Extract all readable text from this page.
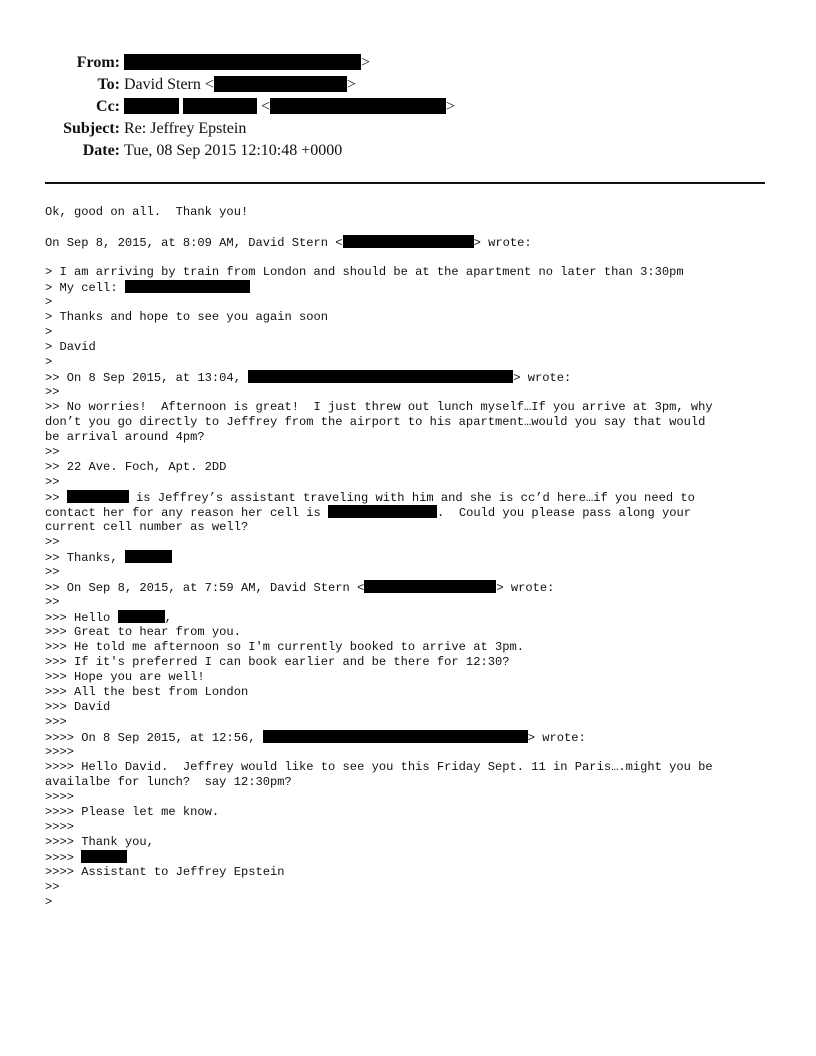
From:	>
To: David Stern <	>
Cc:	<	>
Subject: Re: Jeffrey Epstein
Date: Tue, 08 Sep 2015 12:10:48 +0000
Ok, good on all.  Thank you!
On Sep 8, 2015, at 8:09 AM, David Stern <	> wrote:
> I am arriving by train from London and should be at the apartment no later than 3:30pm
> My cell:
>
> Thanks and hope to see you again soon
>
> David
>
>> On 8 Sep 2015, at 13:04,	> wrote:
>>
>> No worries!  Afternoon is great!  I just threw out lunch myself…If you arrive at 3pm, why
don’t you go directly to Jeffrey from the airport to his apartment…would you say that would
be arrival around 4pm?
>>
>> 22 Ave. Foch, Apt. 2DD
>>
>>	is Jeffrey’s assistant traveling with him and she is cc’d here…if you need to
contact her for any reason her cell is	.  Could you please pass along your
current cell number as well?
>>
>> Thanks,
>>
>> On Sep 8, 2015, at 7:59 AM, David Stern <	> wrote:
>>
>>> Hello	,
>>> Great to hear from you.
>>> He told me afternoon so I'm currently booked to arrive at 3pm.
>>> If it's preferred I can book earlier and be there for 12:30?
>>> Hope you are well!
>>> All the best from London
>>> David
>>>
>>>> On 8 Sep 2015, at 12:56,	> wrote:
>>>>
>>>> Hello David.  Jeffrey would like to see you this Friday Sept. 11 in Paris….might you be
availalbe for lunch?  say 12:30pm?
>>>>
>>>> Please let me know.
>>>>
>>>> Thank you,
>>>>
>>>> Assistant to Jeffrey Epstein
>>
>
